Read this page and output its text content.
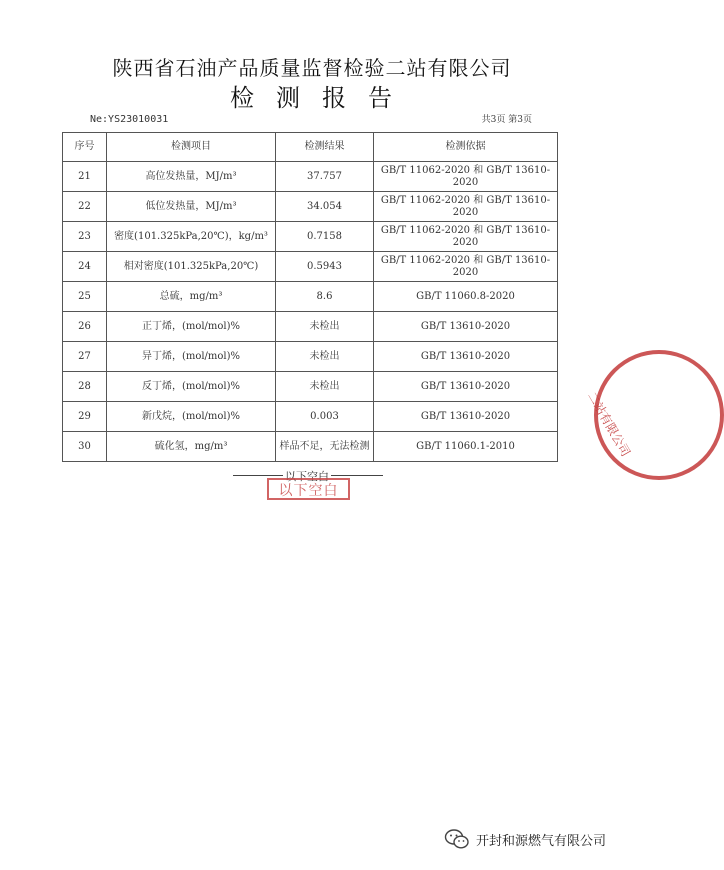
陕西省石油产品质量监督检验二站有限公司
检测报告
Ne:YS23010031	共3页 第3页
序号	检测项目	检测结果	检测依据
21	高位发热量，MJ/m³	37.757	GB/T 11062-2020 和 GB/T 13610-2020
22	低位发热量，MJ/m³	34.054	GB/T 11062-2020 和 GB/T 13610-2020
23	密度(101.325kPa,20℃)，kg/m³	0.7158	GB/T 11062-2020 和 GB/T 13610-2020
24	相对密度(101.325kPa,20℃)	0.5943	GB/T 11062-2020 和 GB/T 13610-2020
25	总硫，mg/m³	8.6	GB/T 11060.8-2020
26	正丁烯，(mol/mol)%	未检出	GB/T 13610-2020
27	异丁烯，(mol/mol)%	未检出	GB/T 13610-2020
28	反丁烯，(mol/mol)%	未检出	GB/T 13610-2020
29	新戊烷，(mol/mol)%	0.003	GB/T 13610-2020
30	硫化氢，mg/m³	样品不足，无法检测	GB/T 11060.1-2010
以下空白
以下空白
二站有限公司
开封和源燃气有限公司
